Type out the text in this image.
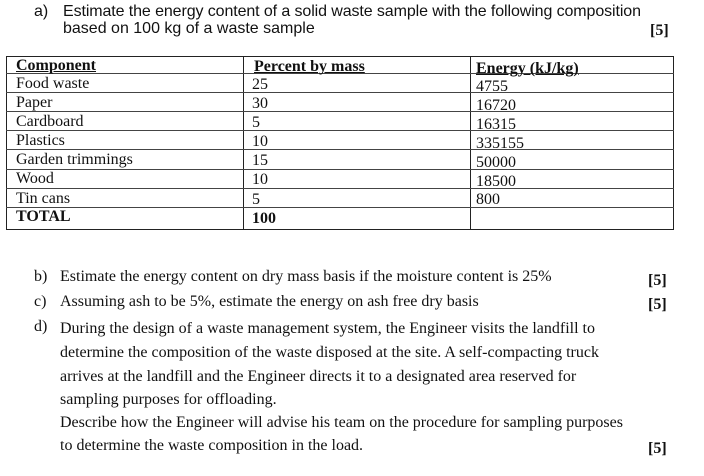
a) Estimate the energy content of a solid waste sample with the following composition
based on 100 kg of a waste sample	[5]
Component	Percent by mass	Energy (kJ/kg)
Food waste	25	4755
Paper	30	16720
Cardboard	5	16315
Plastics	10	335155
Garden trimmings	15	50000
Wood	10	18500
Tin cans	5	800
TOTAL	100
b) Estimate the energy content on dry mass basis if the moisture content is 25%	[5]
c) Assuming ash to be 5%, estimate the energy on ash free dry basis	[5]
d) During the design of a waste management system, the Engineer visits the landfill to
determine the composition of the waste disposed at the site. A self-compacting truck
arrives at the landfill and the Engineer directs it to a designated area reserved for
sampling purposes for offloading.
Describe how the Engineer will advise his team on the procedure for sampling purposes
to determine the waste composition in the load.	[5]
